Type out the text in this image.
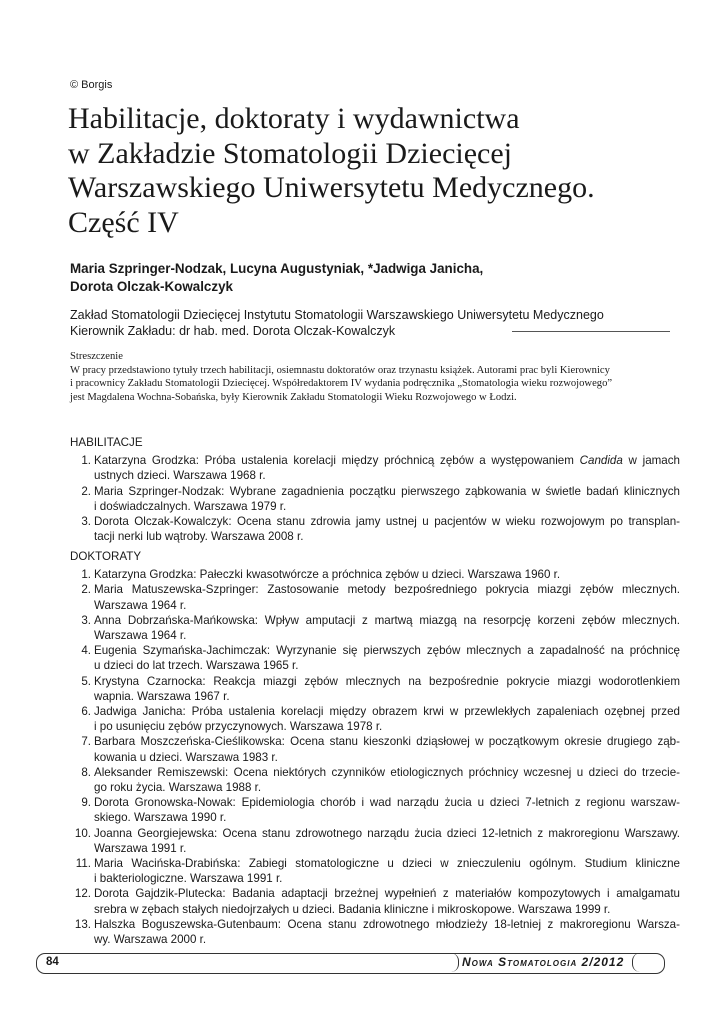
© Borgis
Habilitacje, doktoraty i wydawnictwa
w Zakładzie Stomatologii Dziecięcej
Warszawskiego Uniwersytetu Medycznego.
Część IV
Maria Szpringer-Nodzak, Lucyna Augustyniak, *Jadwiga Janicha,
Dorota Olczak-Kowalczyk
Zakład Stomatologii Dziecięcej Instytutu Stomatologii Warszawskiego Uniwersytetu Medycznego
Kierownik Zakładu: dr hab. med. Dorota Olczak-Kowalczyk
Streszczenie
W pracy przedstawiono tytuły trzech habilitacji, osiemnastu doktoratów oraz trzynastu książek. Autorami prac byli Kierownicy
i pracownicy Zakładu Stomatologii Dziecięcej. Współredaktorem IV wydania podręcznika „Stomatologia wieku rozwojowego”
jest Magdalena Wochna-Sobańska, były Kierownik Zakładu Stomatologii Wieku Rozwojowego w Łodzi.
HABILITACJE
1. Katarzyna Grodzka: Próba ustalenia korelacji między próchnicą zębów a występowaniem Candida w jamach
ustnych dzieci. Warszawa 1968 r.
2. Maria Szpringer-Nodzak: Wybrane zagadnienia początku pierwszego ząbkowania w świetle badań klinicznych
i doświadczalnych. Warszawa 1979 r.
3. Dorota Olczak-Kowalczyk: Ocena stanu zdrowia jamy ustnej u pacjentów w wieku rozwojowym po transplan-
tacji nerki lub wątroby. Warszawa 2008 r.
DOKTORATY
1. Katarzyna Grodzka: Pałeczki kwasotwórcze a próchnica zębów u dzieci. Warszawa 1960 r.
2. Maria Matuszewska-Szpringer: Zastosowanie metody bezpośredniego pokrycia miazgi zębów mlecznych.
Warszawa 1964 r.
3. Anna Dobrzańska-Mańkowska: Wpływ amputacji z martwą miazgą na resorpcję korzeni zębów mlecznych.
Warszawa 1964 r.
4. Eugenia Szymańska-Jachimczak: Wyrzynanie się pierwszych zębów mlecznych a zapadalność na próchnicę
u dzieci do lat trzech. Warszawa 1965 r.
5. Krystyna Czarnocka: Reakcja miazgi zębów mlecznych na bezpośrednie pokrycie miazgi wodorotlenkiem
wapnia. Warszawa 1967 r.
6. Jadwiga Janicha: Próba ustalenia korelacji między obrazem krwi w przewlekłych zapaleniach ozębnej przed
i po usunięciu zębów przyczynowych. Warszawa 1978 r.
7. Barbara Moszczeńska-Cieślikowska: Ocena stanu kieszonki dziąsłowej w początkowym okresie drugiego ząb-
kowania u dzieci. Warszawa 1983 r.
8. Aleksander Remiszewski: Ocena niektórych czynników etiologicznych próchnicy wczesnej u dzieci do trzecie-
go roku życia. Warszawa 1988 r.
9. Dorota Gronowska-Nowak: Epidemiologia chorób i wad narządu żucia u dzieci 7-letnich z regionu warszaw-
skiego. Warszawa 1990 r.
10. Joanna Georgiejewska: Ocena stanu zdrowotnego narządu żucia dzieci 12-letnich z makroregionu Warszawy.
Warszawa 1991 r.
11. Maria Wacińska-Drabińska: Zabiegi stomatologiczne u dzieci w znieczuleniu ogólnym. Studium kliniczne
i bakteriologiczne. Warszawa 1991 r.
12. Dorota Gajdzik-Plutecka: Badania adaptacji brzeżnej wypełnień z materiałów kompozytowych i amalgamatu
srebra w zębach stałych niedojrzałych u dzieci. Badania kliniczne i mikroskopowe. Warszawa 1999 r.
13. Halszka Boguszewska-Gutenbaum: Ocena stanu zdrowotnego młodzieży 18-letniej z makroregionu Warsza-
wy. Warszawa 2000 r.
84	Nowa Stomatologia 2/2012
